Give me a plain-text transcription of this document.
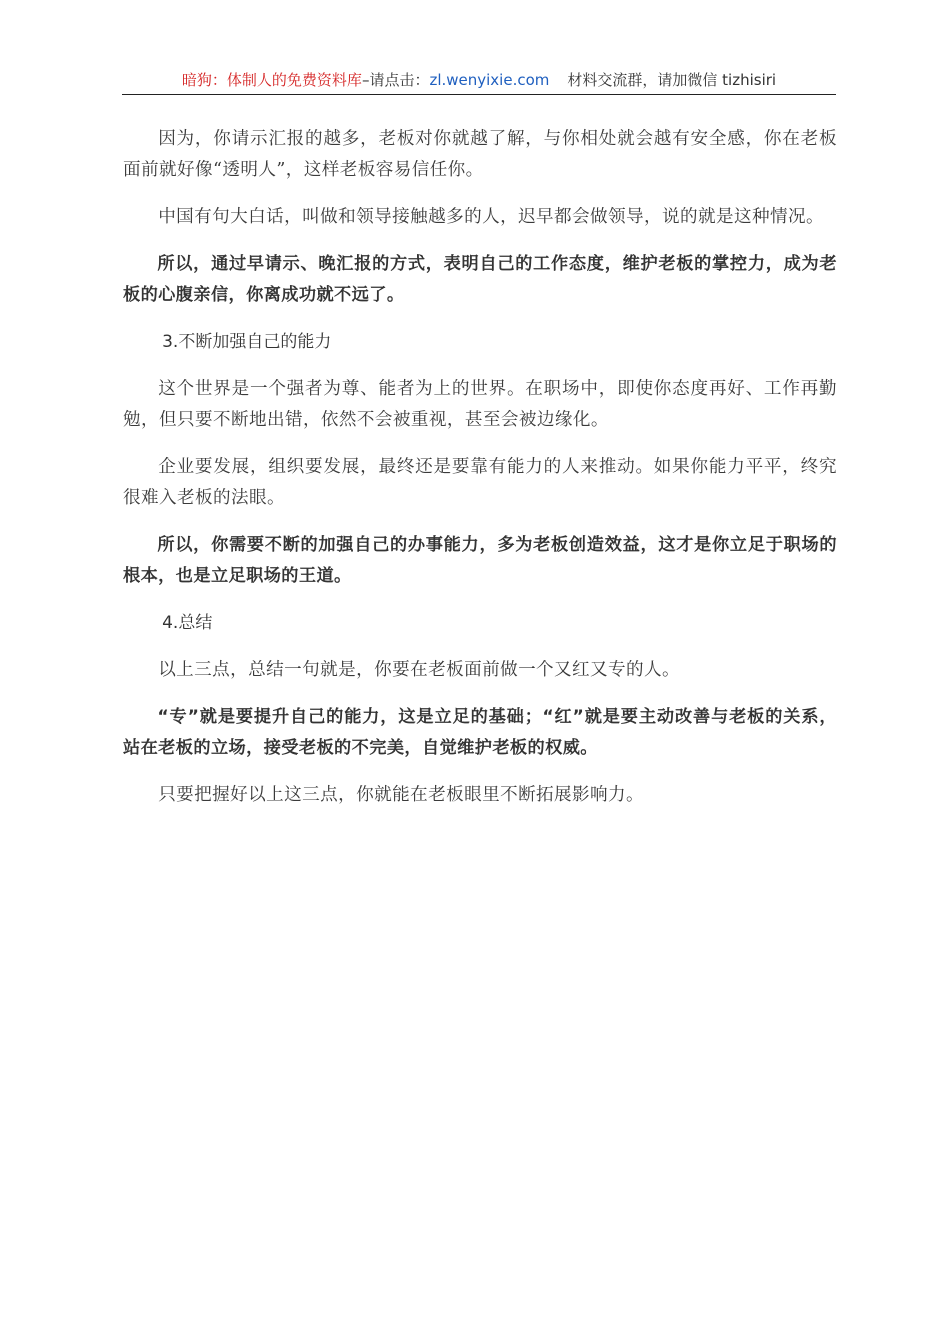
暗狗：体制人的免费资料库–请点击：zl.wenyixie.com 材料交流群，请加微信 tizhisiri

因为，你请示汇报的越多，老板对你就越了解，与你相处就会越有安全感，你在老板面前就好像“透明人”，这样老板容易信任你。

中国有句大白话，叫做和领导接触越多的人，迟早都会做领导，说的就是这种情况。

所以，通过早请示、晚汇报的方式，表明自己的工作态度，维护老板的掌控力，成为老板的心腹亲信，你离成功就不远了。

3.不断加强自己的能力

这个世界是一个强者为尊、能者为上的世界。在职场中，即使你态度再好、工作再勤勉，但只要不断地出错，依然不会被重视，甚至会被边缘化。

企业要发展，组织要发展，最终还是要靠有能力的人来推动。如果你能力平平，终究很难入老板的法眼。

所以，你需要不断的加强自己的办事能力，多为老板创造效益，这才是你立足于职场的根本，也是立足职场的王道。

4.总结

以上三点，总结一句就是，你要在老板面前做一个又红又专的人。

“专”就是要提升自己的能力，这是立足的基础；“红”就是要主动改善与老板的关系，站在老板的立场，接受老板的不完美，自觉维护老板的权威。

只要把握好以上这三点，你就能在老板眼里不断拓展影响力。
